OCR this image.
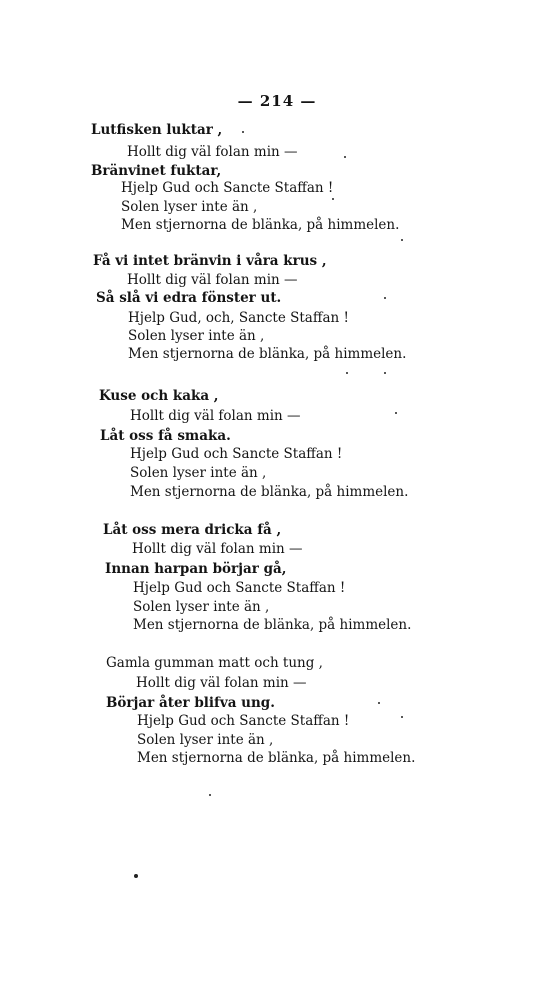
— 214 —
Lutfisken luktar ,
Hollt dig väl folan min —
Bränvinet fuktar,
Hjelp Gud och Sancte Staffan !
Solen lyser inte än ,
Men stjernorna de blänka, på himmelen.
Få vi intet bränvin i våra krus ,
Hollt dig väl folan min —
Så slå vi edra fönster ut.
Hjelp Gud, och, Sancte Staffan !
Solen lyser inte än ,
Men stjernorna de blänka, på himmelen.
Kuse och kaka ,
Hollt dig väl folan min —
Låt oss få smaka.
Hjelp Gud och Sancte Staffan !
Solen lyser inte än ,
Men stjernorna de blänka, på himmelen.
Låt oss mera dricka få ,
Hollt dig väl folan min —
Innan harpan börjar gå,
Hjelp Gud och Sancte Staffan !
Solen lyser inte än ,
Men stjernorna de blänka, på himmelen.
Gamla gumman matt och tung ,
Hollt dig väl folan min —
Börjar åter blifva ung.
Hjelp Gud och Sancte Staffan !
Solen lyser inte än ,
Men stjernorna de blänka, på himmelen.
